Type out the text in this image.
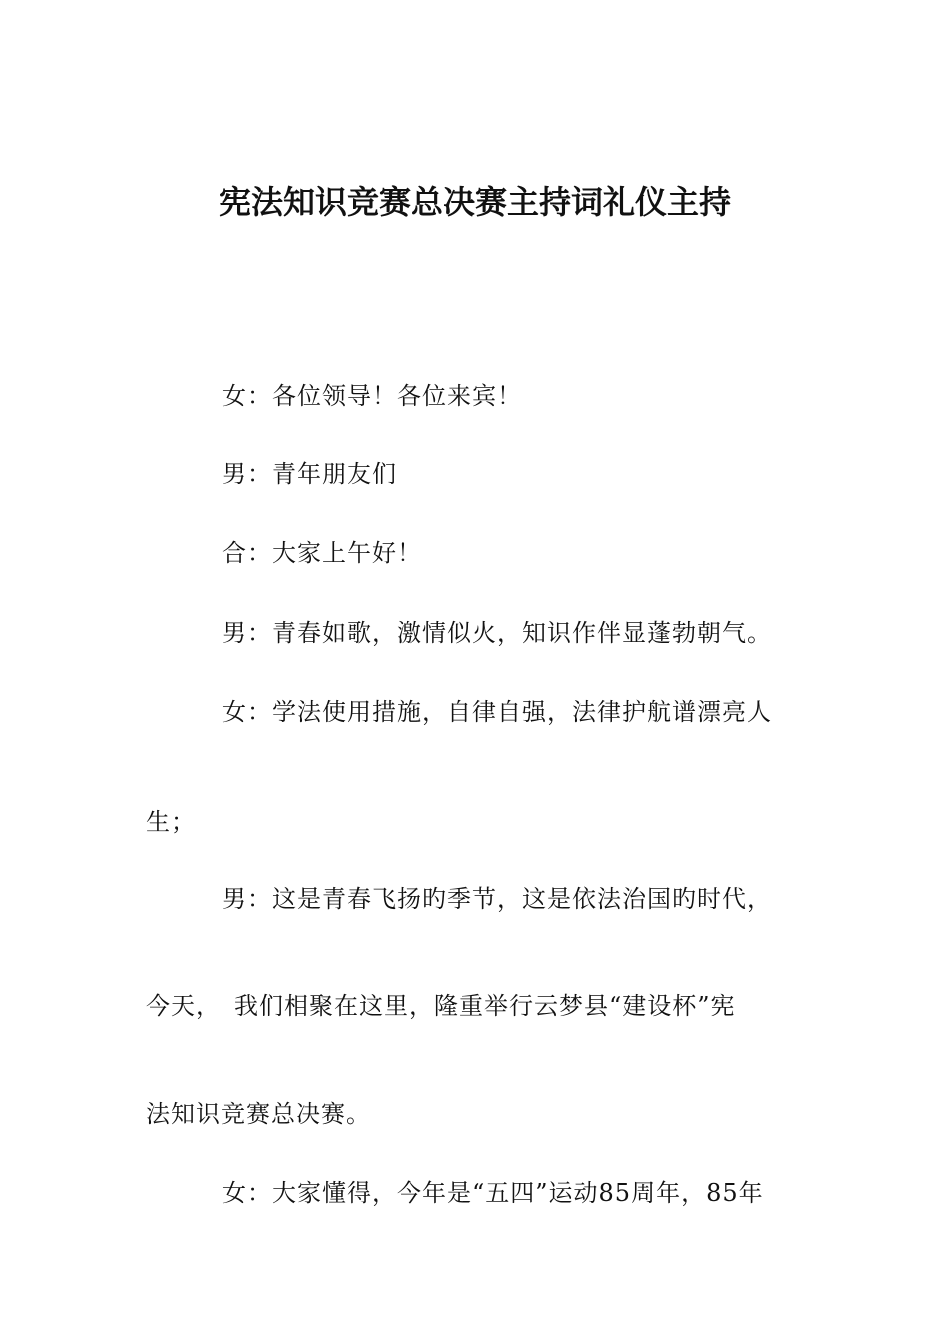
宪法知识竞赛总决赛主持词礼仪主持
女：各位领导！各位来宾！
男：青年朋友们
合：大家上午好！
男：青春如歌，激情似火，知识作伴显蓬勃朝气。
女：学法使用措施，自律自强，法律护航谱漂亮人
生；
男：这是青春飞扬旳季节，这是依法治国旳时代，
今天，　我们相聚在这里，隆重举行云梦县“建设杯”宪
法知识竞赛总决赛。
女：大家懂得，今年是“五四”运动85周年，85年
